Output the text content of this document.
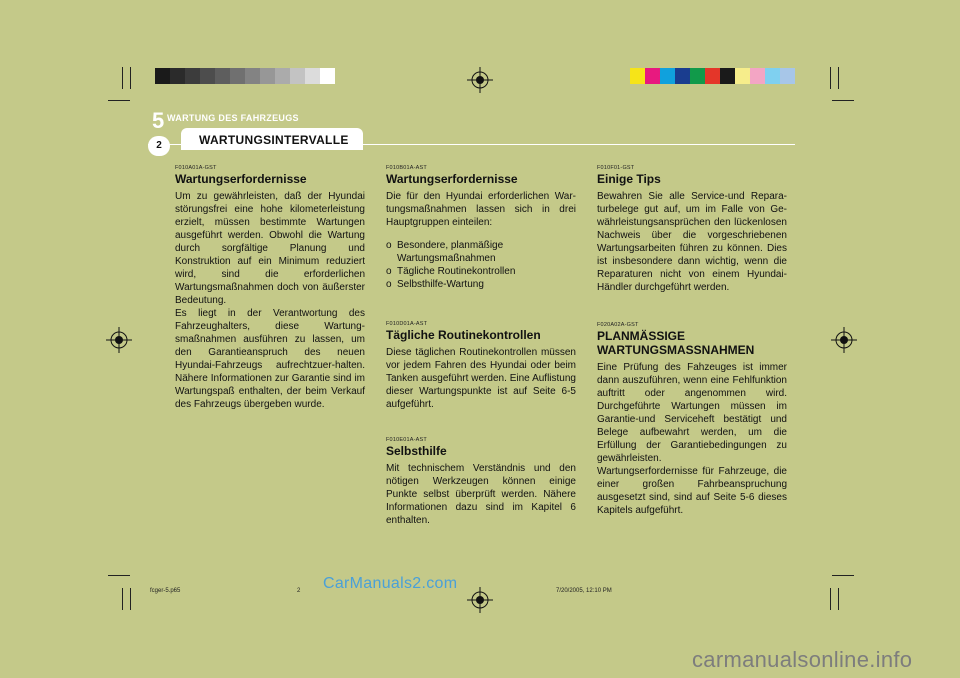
5 WARTUNG DES FAHRZEUGS
WARTUNGSINTERVALLE
2
F010A01A-GST
Wartungserfordernisse

Um zu gewährleisten, daß der Hyundai störungsfrei eine hohe kilometerleistung erzielt, müssen bestimmte Wartungen ausgeführt werden. Obwohl die Wartung durch sorgfältige Planung und Konstruktion auf ein Minimum reduziert wird, sind die erforderlichen Wartungsmaßnahmen doch von äußerster Bedeutung.

Es liegt in der Verantwortung des Fahrzeughalters, diese Wartung-smaßnahmen ausführen zu lassen, um den Garantieanspruch des neuen Hyundai-Fahrzeugs aufrechtzuer-halten. Nähere Informationen zur Garantie sind im Wartungspaß enthalten, der beim Verkauf des Fahrzeugs übergeben wurde.

F010B01A-AST
Wartungserfordernisse

Die für den Hyundai erforderlichen War-tungsmaßnahmen lassen sich in drei Hauptgruppen einteilen:

o Besondere, planmäßige Wartungsmaßnahmen
o Tägliche Routinekontrollen
o Selbsthilfe-Wartung
F010D01A-AST
Tägliche Routinekontrollen

Diese täglichen Routinekontrollen müssen vor jedem Fahren des Hyundai oder beim Tanken ausgeführt werden. Eine Auflistung dieser Wartungspunkte ist auf Seite 6-5 aufgeführt.

F010E01A-AST
Selbsthilfe

Mit technischem Verständnis und den nötigen Werkzeugen können einige Punkte selbst überprüft werden. Nähere Informationen dazu sind im Kapitel 6 enthalten.

F010F01-GST
Einige Tips

Bewahren Sie alle Service-und Repara-turbelege gut auf, um im Falle von Ge-währleistungsansprüchen den lückenlosen Nachweis über die vorgeschriebenen Wartungsarbeiten führen zu können. Dies ist insbesondere dann wichtig, wenn die Reparaturen nicht von einem Hyundai-Händler durchgeführt werden.

F020A02A-GST
PLANMÄSSIGE
WARTUNGSMASSNAHMEN

Eine Prüfung des Fahzeuges ist immer dann auszuführen, wenn eine Fehlfunktion auftritt oder angenommen wird. Durchgeführte Wartungen müssen im Garantie-und Serviceheft bestätigt und Belege aufbewahrt werden, um die Erfüllung der Garantiebedingungen zu gewährleisten.

Wartungserfordernisse für Fahrzeuge, die einer großen Fahrbeanspruchung ausgesetzt sind, sind auf Seite 5-6 dieses Kapitels aufgeführt.

fcger-5.p65	2	7/20/2005, 12:10 PM
CarManuals2.com
carmanualsonline.info
